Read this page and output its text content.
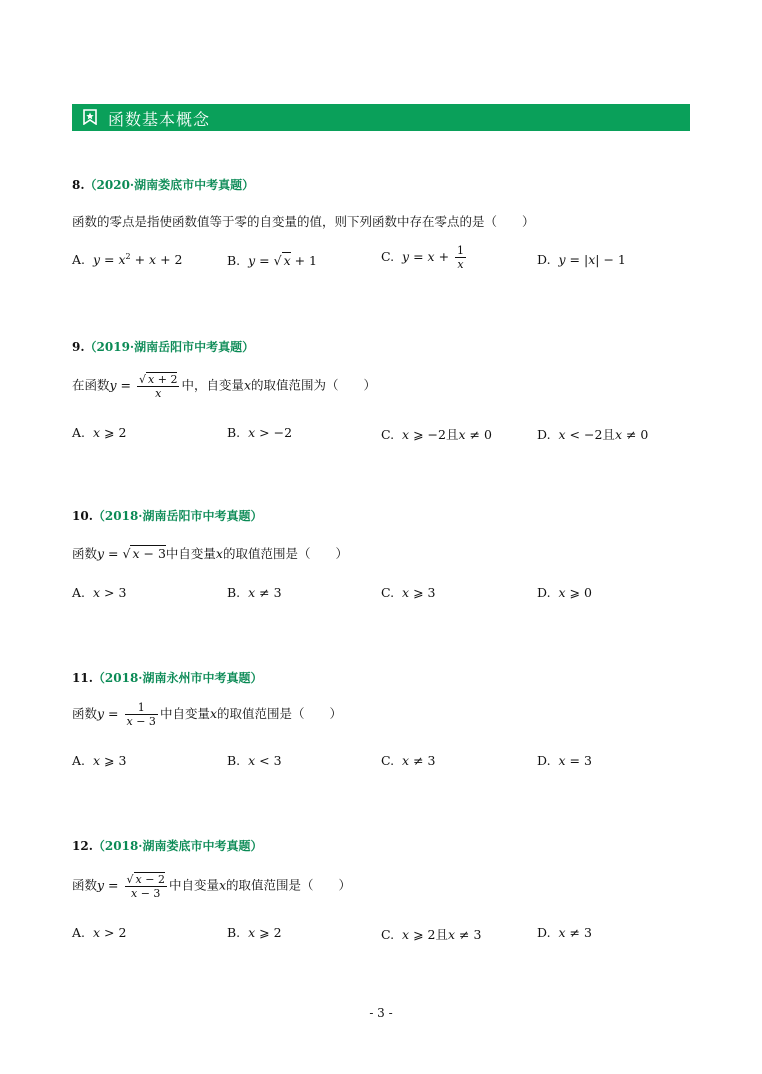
函数基本概念
8.（2020·湖南娄底市中考真题）
函数的零点是指使函数值等于零的自变量的值，则下列函数中存在零点的是（　　）
A. $y = x^2 + x + 2$	B. y = √ x + 1	C. $y = x + \frac{1}{x}$	D. y = |x| − 1
9.（2019·湖南岳阳市中考真题）
在函数$y = \frac{√ x + 2}{x}$ 中，自变量x的取值范围为（　　）
A. x ⩾ 2	B. x > −2	C. x ⩾ −2且x ≠ 0	D. x < −2且x ≠ 0
10.（2018·湖南岳阳市中考真题）
函数y = √ x − 3中自变量x的取值范围是（　　）
A. x > 3	B. x ≠ 3	C. x ⩾ 3	D. x ⩾ 0
11.（2018·湖南永州市中考真题）
函数$y = \frac{1}{x - 3}$ 中自变量x的取值范围是（　　）
A. x ⩾ 3	B. x < 3	C. x ≠ 3	D. x = 3
12.（2018·湖南娄底市中考真题）
函数$y = \frac{√ x - 2}{x - 3}$ 中自变量x的取值范围是（　　）
A. x > 2	B. x ⩾ 2	C. x ⩾ 2且x ≠ 3	D. x ≠ 3
- 3 -
